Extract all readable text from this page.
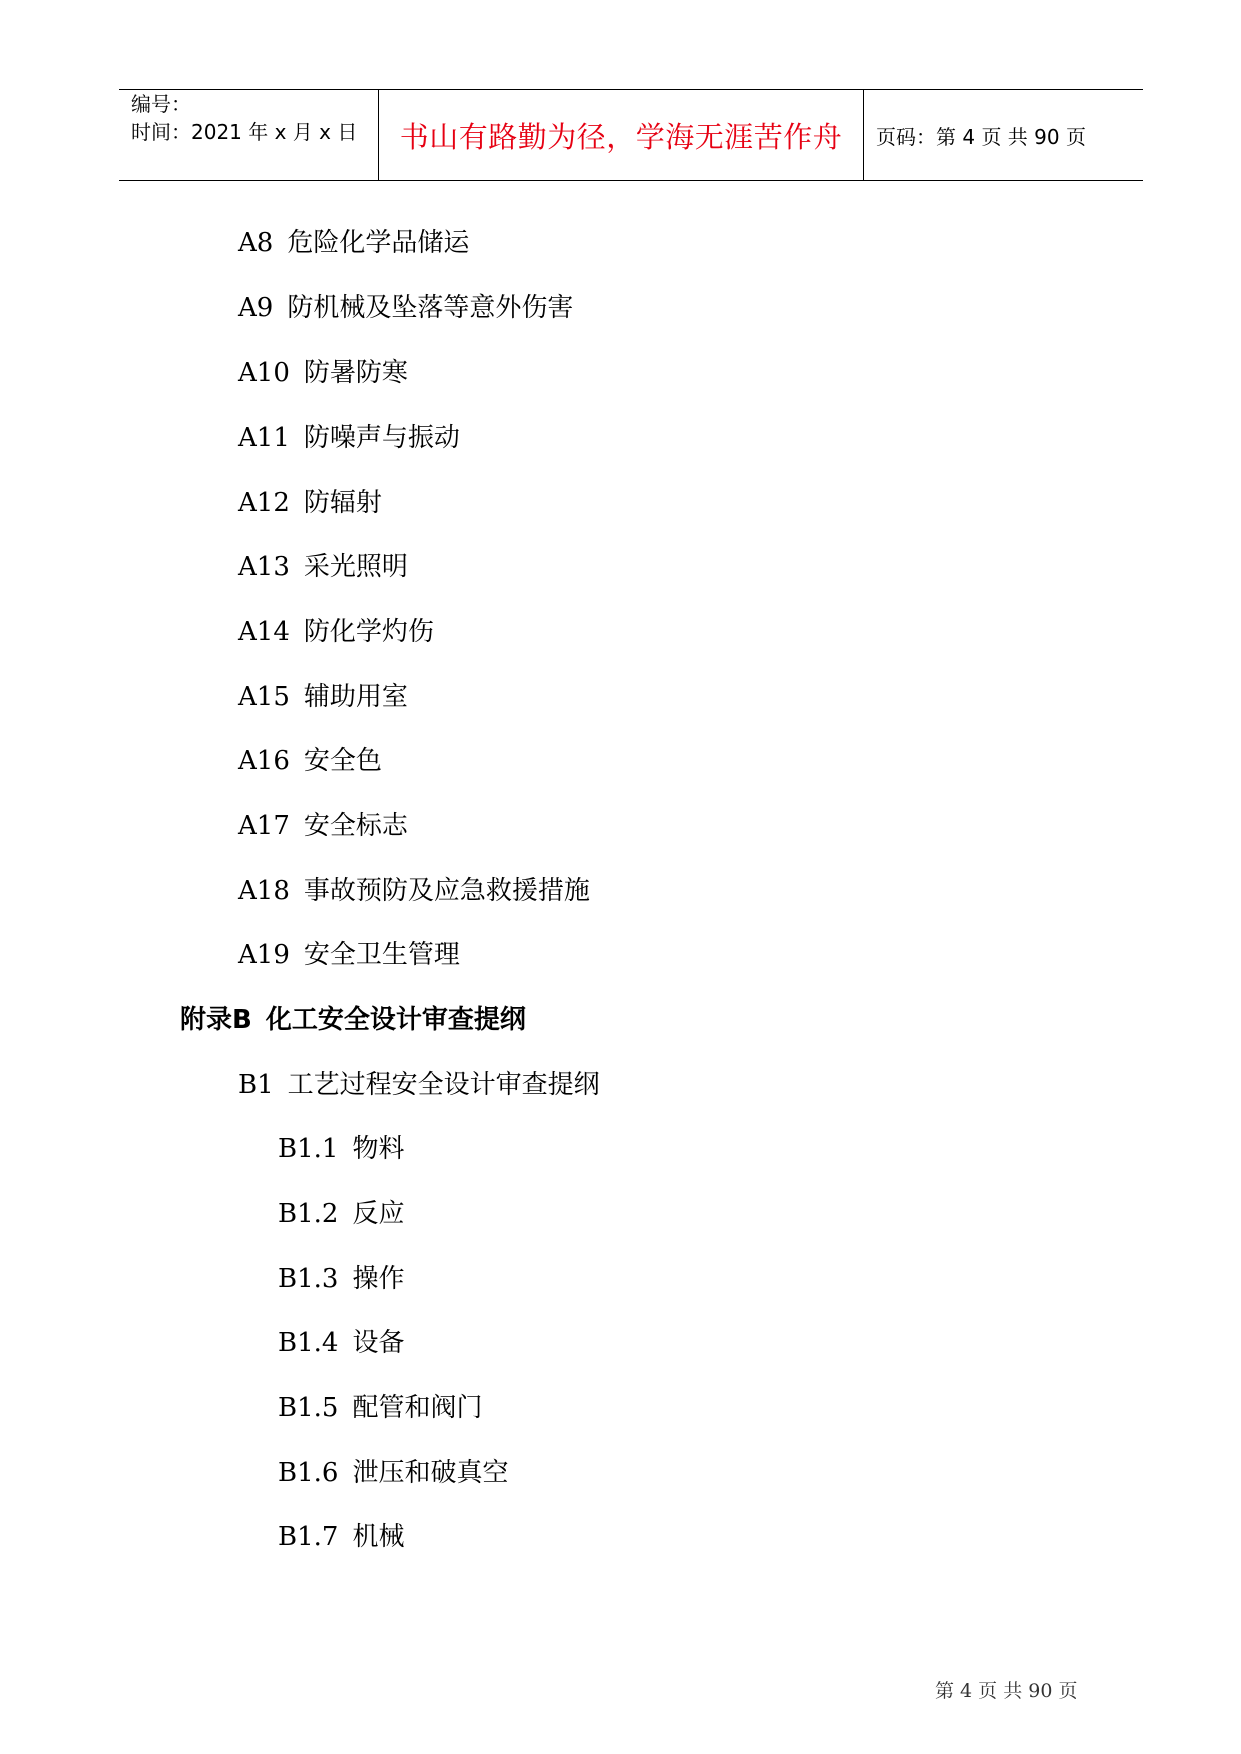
编号：
时间：2021 年 x 月 x 日 书山有路勤为径，学海无涯苦作舟 页码：第 4 页 共 90 页
A8 危险化学品储运
A9 防机械及坠落等意外伤害
A10 防暑防寒
A11 防噪声与振动
A12 防辐射
A13 采光照明
A14 防化学灼伤
A15 辅助用室
A16 安全色
A17 安全标志
A18 事故预防及应急救援措施
A19 安全卫生管理
附录B 化工安全设计审查提纲
B1 工艺过程安全设计审查提纲
B1.1 物料
B1.2 反应
B1.3 操作
B1.4 设备
B1.5 配管和阀门
B1.6 泄压和破真空
B1.7 机械
第 4 页 共 90 页
